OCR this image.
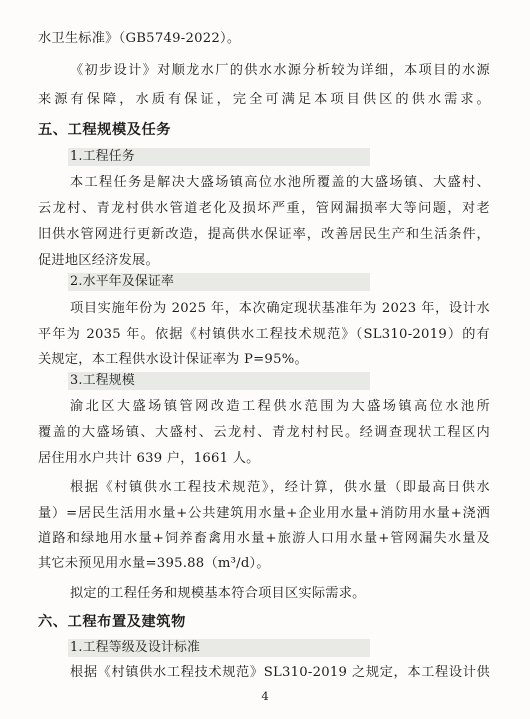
水卫生标准》（GB5749-2022）。
《初步设计》对顺龙水厂的供水水源分析较为详细，本项目的水源
来源有保障，水质有保证，完全可满足本项目供区的供水需求。
五、工程规模及任务
1.工程任务
本工程任务是解决大盛场镇高位水池所覆盖的大盛场镇、大盛村、
云龙村、青龙村供水管道老化及损坏严重，管网漏损率大等问题，对老
旧供水管网进行更新改造，提高供水保证率，改善居民生产和生活条件，
促进地区经济发展。
2.水平年及保证率
项目实施年份为 2025 年，本次确定现状基准年为 2023 年，设计水
平年为 2035 年。依据《村镇供水工程技术规范》（SL310-2019）的有
关规定，本工程供水设计保证率为 P=95%。
3.工程规模
渝北区大盛场镇管网改造工程供水范围为大盛场镇高位水池所
覆盖的大盛场镇、大盛村、云龙村、青龙村村民。经调查现状工程区内
居住用水户共计 639 户，1661 人。
根据《村镇供水工程技术规范》，经计算，供水量（即最高日供水
量）=居民生活用水量+公共建筑用水量+企业用水量+消防用水量+浇洒
道路和绿地用水量+饲养畜禽用水量+旅游人口用水量+管网漏失水量及
其它未预见用水量=395.88（m³/d）。
拟定的工程任务和规模基本符合项目区实际需求。
六、工程布置及建筑物
1.工程等级及设计标准
根据《村镇供水工程技术规范》SL310-2019 之规定，本工程设计供
4
